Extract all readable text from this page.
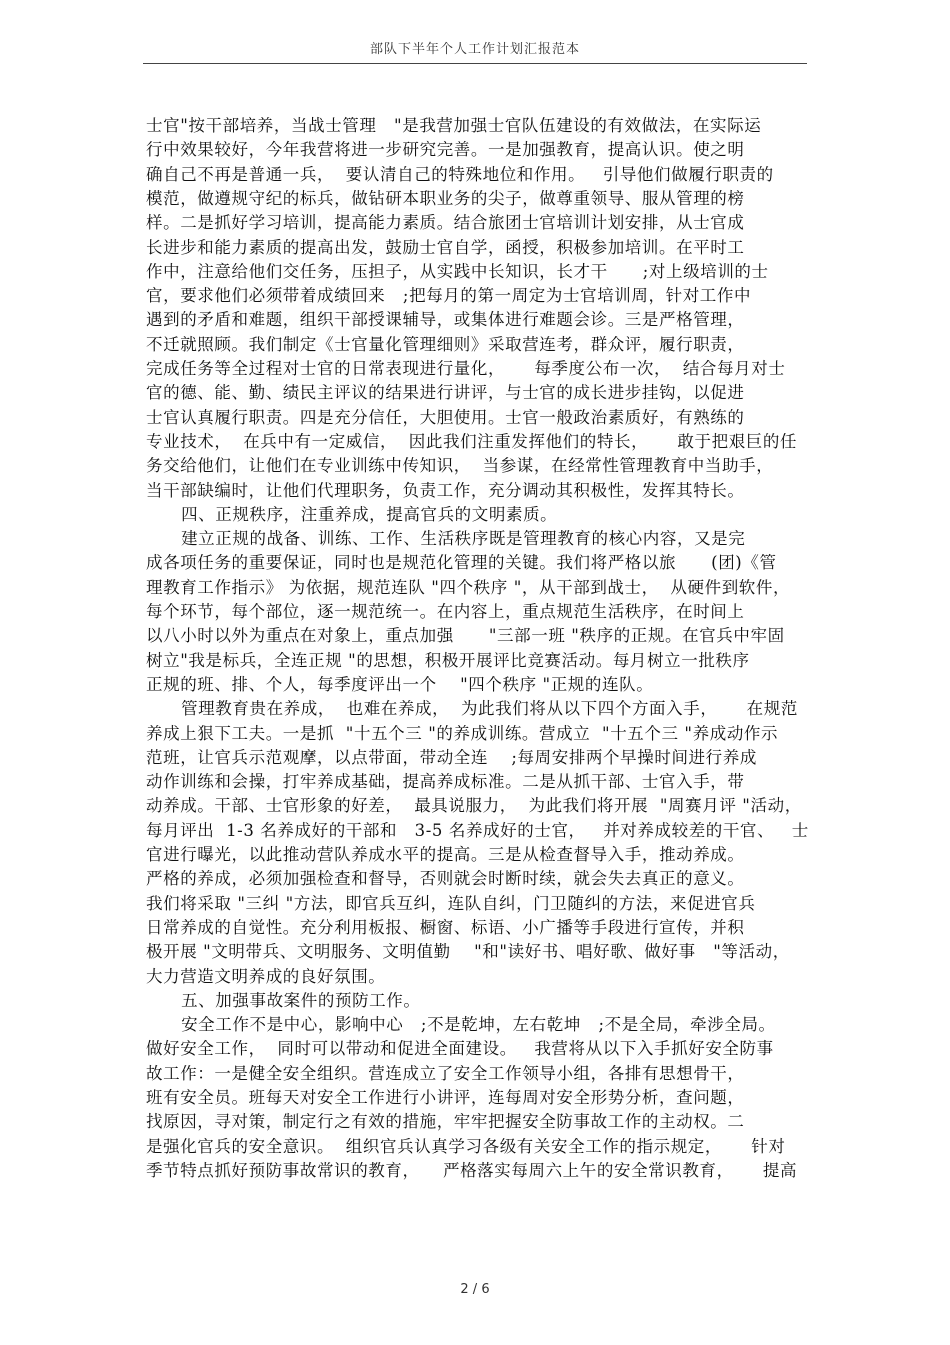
部队下半年个人工作计划汇报范本
士官"按干部培养，当战士管理   "是我营加强士官队伍建设的有效做法，在实际运
行中效果较好，今年我营将进一步研究完善。一是加强教育，提高认识。使之明
确自己不再是普通一兵，  要认清自己的特殊地位和作用。   引导他们做履行职责的
模范，做遵规守纪的标兵，做钻研本职业务的尖子，做尊重领导、服从管理的榜
样。二是抓好学习培训，提高能力素质。结合旅团士官培训计划安排，从士官成
长进步和能力素质的提高出发，鼓励士官自学，函授，积极参加培训。在平时工
作中，注意给他们交任务，压担子，从实践中长知识，长才干      ;对上级培训的士
官，要求他们必须带着成绩回来   ;把每月的第一周定为士官培训周，针对工作中
遇到的矛盾和难题，组织干部授课辅导，或集体进行难题会诊。三是严格管理，
不迁就照顾。我们制定《士官量化管理细则》采取营连考，群众评，履行职责，
完成任务等全过程对士官的日常表现进行量化，     每季度公布一次，  结合每月对士
官的德、能、勤、绩民主评议的结果进行讲评，与士官的成长进步挂钩，以促进
士官认真履行职责。四是充分信任，大胆使用。士官一般政治素质好，有熟练的
专业技术，  在兵中有一定威信，  因此我们注重发挥他们的特长，     敢于把艰巨的任
务交给他们，让他们在专业训练中传知识，  当参谋，在经常性管理教育中当助手，
当干部缺编时，让他们代理职务，负责工作，充分调动其积极性，发挥其特长。
四、正规秩序，注重养成，提高官兵的文明素质。
建立正规的战备、训练、工作、生活秩序既是管理教育的核心内容，又是完
成各项任务的重要保证，同时也是规范化管理的关键。我们将严格以旅      (团)《管
理教育工作指示》 为依据，规范连队 "四个秩序 "，从干部到战士，  从硬件到软件，
每个环节，每个部位，逐一规范统一。在内容上，重点规范生活秩序，在时间上
以八小时以外为重点在对象上，重点加强      "三部一班 "秩序的正规。在官兵中牢固
树立"我是标兵，全连正规 "的思想，积极开展评比竞赛活动。每月树立一批秩序
正规的班、排、个人，每季度评出一个    "四个秩序 "正规的连队。
管理教育贵在养成，  也难在养成，  为此我们将从以下四个方面入手，     在规范
养成上狠下工夫。一是抓  "十五个三 "的养成训练。营成立  "十五个三 "养成动作示
范班，让官兵示范观摩，以点带面，带动全连    ;每周安排两个早操时间进行养成
动作训练和会操，打牢养成基础，提高养成标准。二是从抓干部、士官入手，带
动养成。干部、士官形象的好差，  最具说服力，  为此我们将开展  "周赛月评 "活动，
每月评出  1-3 名养成好的干部和   3-5 名养成好的士官，   并对养成较差的干官、   士
官进行曝光，以此推动营队养成水平的提高。三是从检查督导入手，推动养成。
严格的养成，必须加强检查和督导，否则就会时断时续，就会失去真正的意义。
我们将采取 "三纠 "方法，即官兵互纠，连队自纠，门卫随纠的方法，来促进官兵
日常养成的自觉性。充分利用板报、橱窗、标语、小广播等手段进行宣传，并积
极开展 "文明带兵、文明服务、文明值勤    "和"读好书、唱好歌、做好事   "等活动，
大力营造文明养成的良好氛围。
五、加强事故案件的预防工作。
安全工作不是中心，影响中心   ;不是乾坤，左右乾坤   ;不是全局，牵涉全局。
做好安全工作，  同时可以带动和促进全面建设。   我营将从以下入手抓好安全防事
故工作：一是健全安全组织。营连成立了安全工作领导小组，各排有思想骨干，
班有安全员。班每天对安全工作进行小讲评，连每周对安全形势分析，查问题，
找原因，寻对策，制定行之有效的措施，牢牢把握安全防事故工作的主动权。二
是强化官兵的安全意识。  组织官兵认真学习各级有关安全工作的指示规定，     针对
季节特点抓好预防事故常识的教育，    严格落实每周六上午的安全常识教育，     提高
2 / 6
